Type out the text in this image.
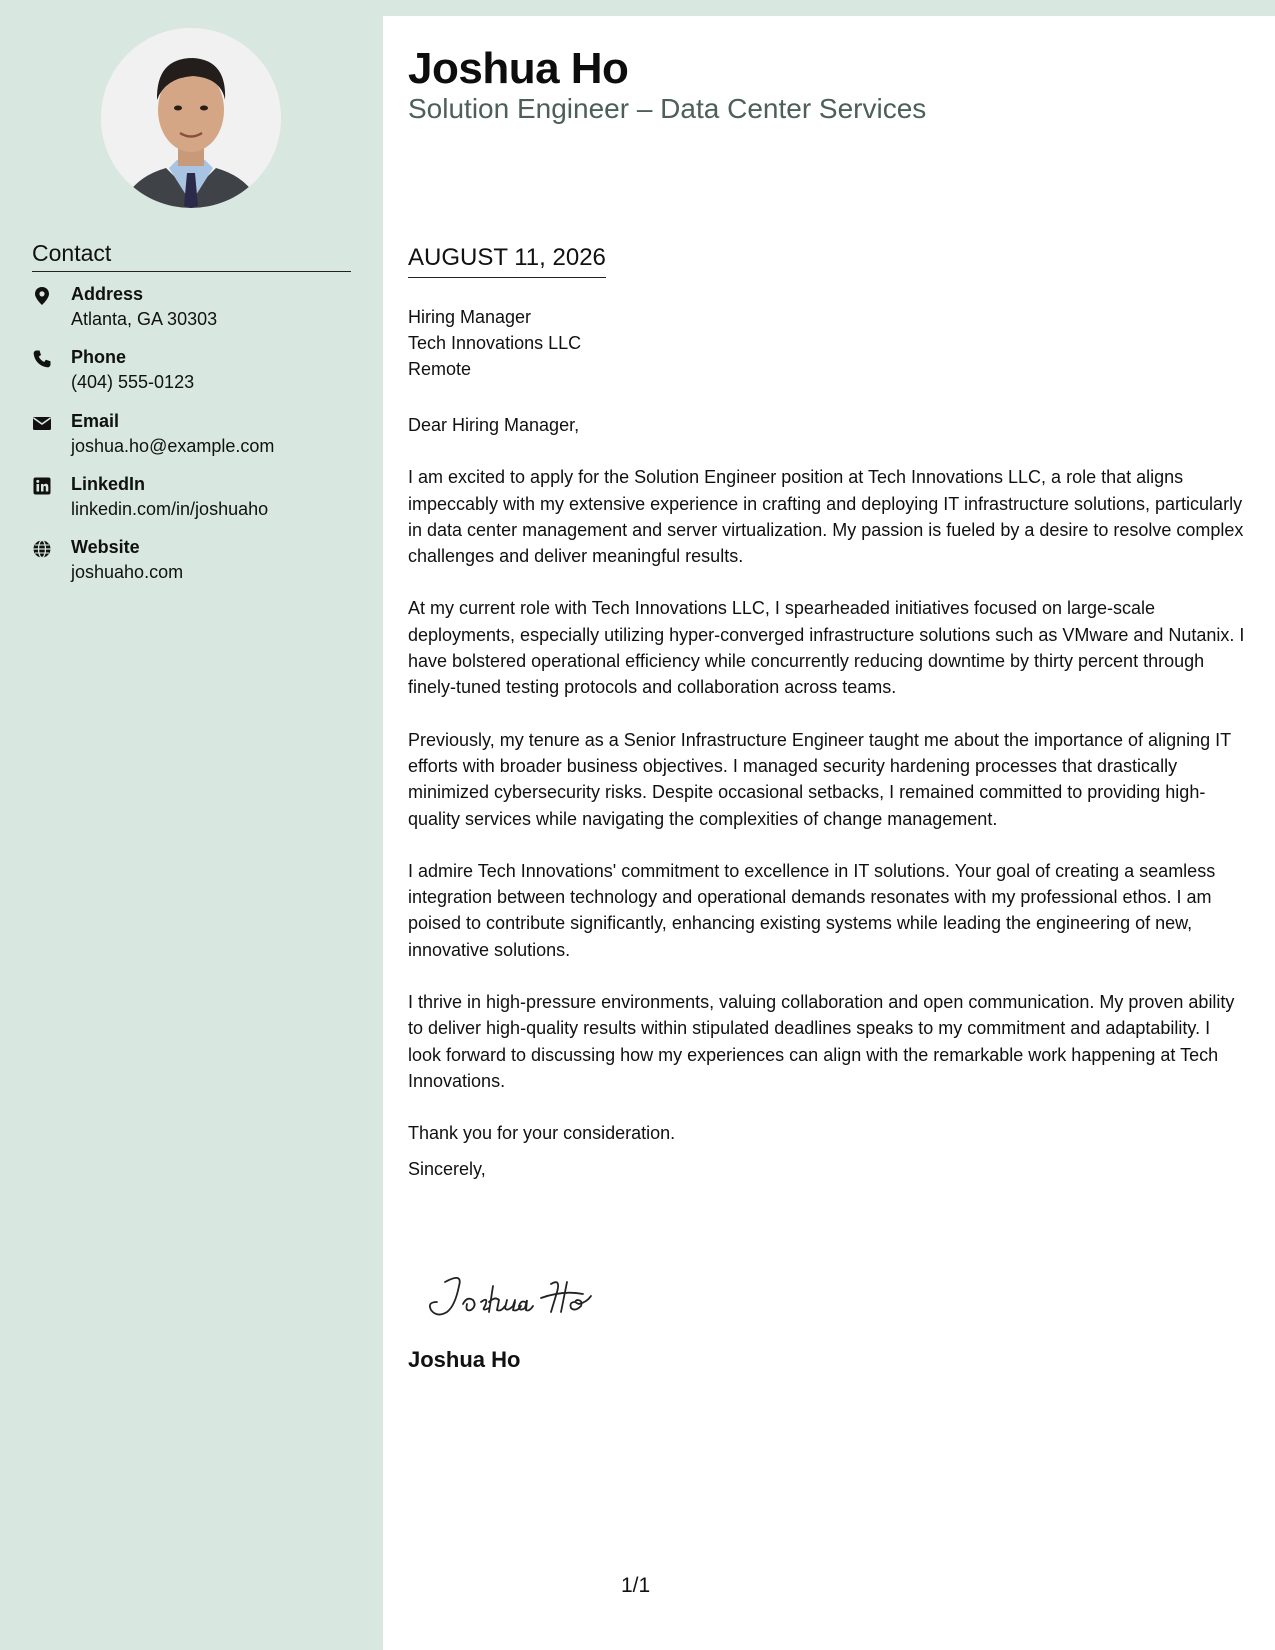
Contact
Address
Atlanta, GA 30303
Phone
(404) 555-0123
Email
joshua.ho@example.com
LinkedIn
linkedin.com/in/joshuaho
Website
joshuaho.com
Joshua Ho
Solution Engineer – Data Center Services
AUGUST 11, 2026
Hiring Manager
Tech Innovations LLC
Remote

Dear Hiring Manager,

I am excited to apply for the Solution Engineer position at Tech Innovations LLC, a role that aligns impeccably with my extensive experience in crafting and deploying IT infrastructure solutions, particularly in data center management and server virtualization. My passion is fueled by a desire to resolve complex challenges and deliver meaningful results.

At my current role with Tech Innovations LLC, I spearheaded initiatives focused on large-scale deployments, especially utilizing hyper-converged infrastructure solutions such as VMware and Nutanix. I have bolstered operational efficiency while concurrently reducing downtime by thirty percent through finely-tuned testing protocols and collaboration across teams.

Previously, my tenure as a Senior Infrastructure Engineer taught me about the importance of aligning IT efforts with broader business objectives. I managed security hardening processes that drastically minimized cybersecurity risks. Despite occasional setbacks, I remained committed to providing high-quality services while navigating the complexities of change management.

I admire Tech Innovations' commitment to excellence in IT solutions. Your goal of creating a seamless integration between technology and operational demands resonates with my professional ethos. I am poised to contribute significantly, enhancing existing systems while leading the engineering of new, innovative solutions.

I thrive in high-pressure environments, valuing collaboration and open communication. My proven ability to deliver high-quality results within stipulated deadlines speaks to my commitment and adaptability. I look forward to discussing how my experiences can align with the remarkable work happening at Tech Innovations.

Thank you for your consideration.

Sincerely,
Joshua Ho
1/1
